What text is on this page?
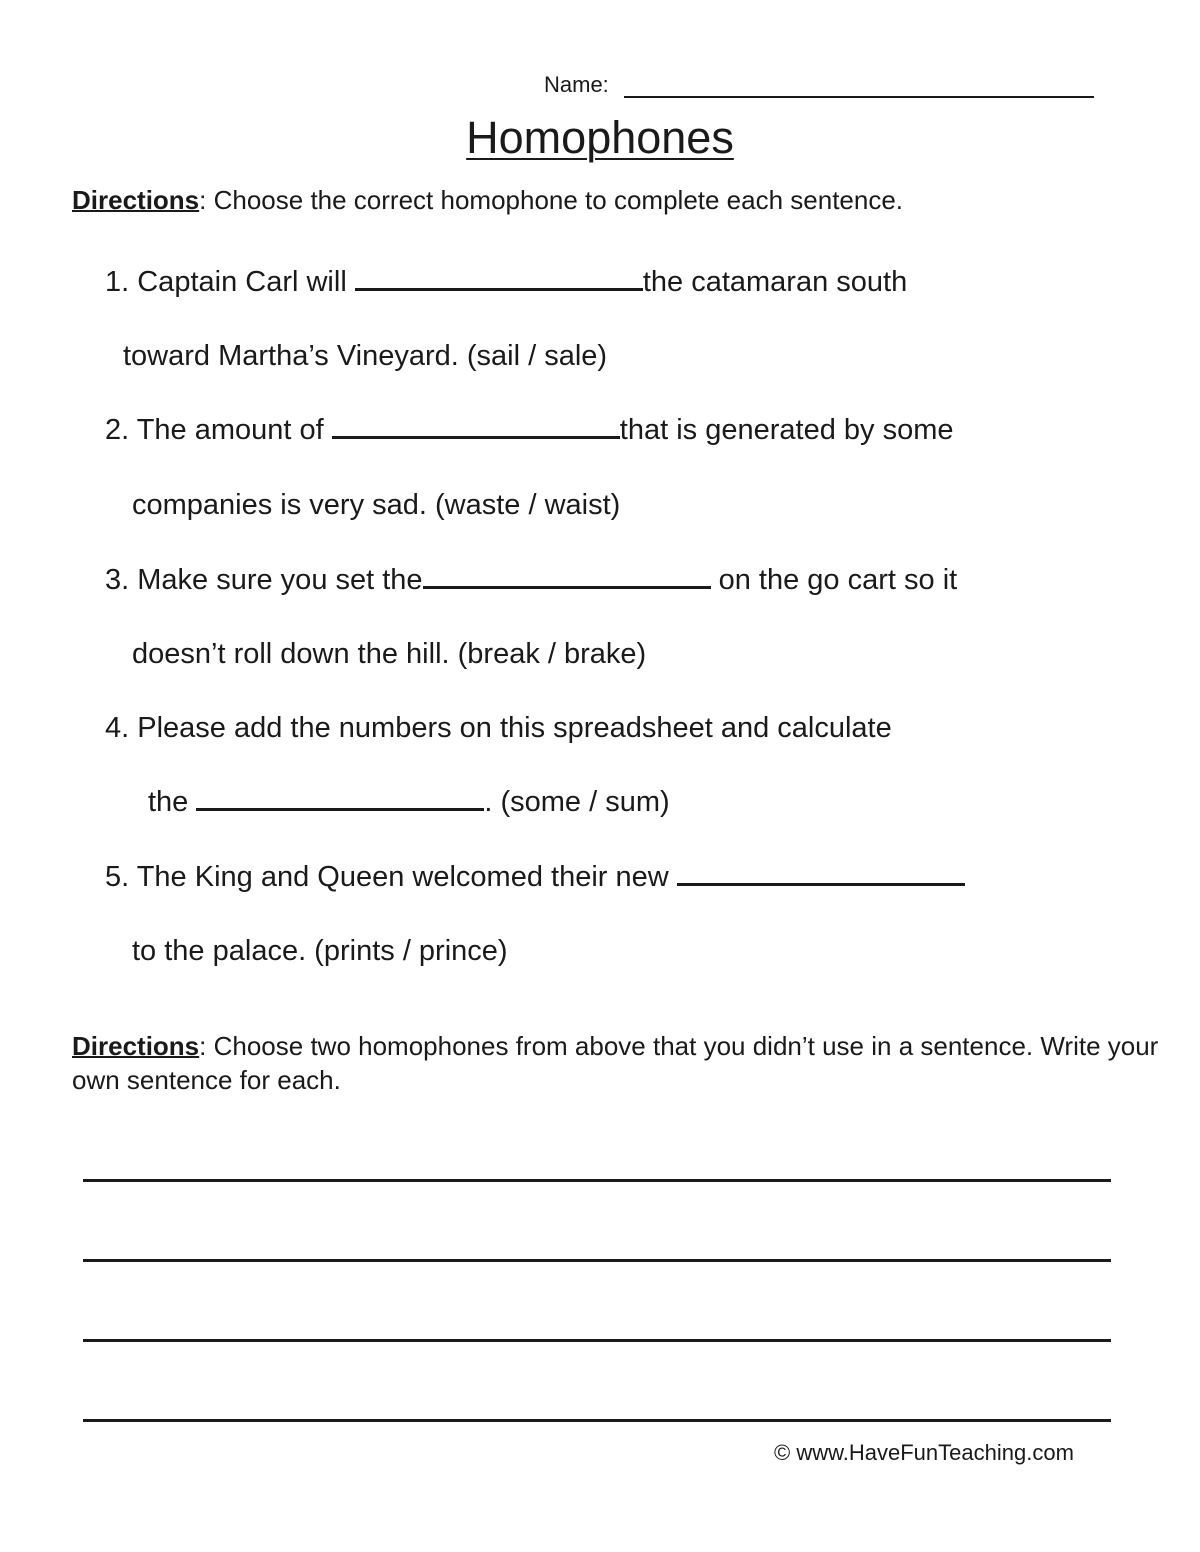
Name:
Homophones
Directions: Choose the correct homophone to complete each sentence.
1. Captain Carl will	the catamaran south
toward Martha’s Vineyard. (sail / sale)
2. The amount of	that is generated by some
companies is very sad. (waste / waist)
3. Make sure you set the	on the go cart so it
doesn’t roll down the hill. (break / brake)
4. Please add the numbers on this spreadsheet and calculate
the	. (some / sum)
5. The King and Queen welcomed their new
to the palace. (prints / prince)
Directions: Choose two homophones from above that you didn’t use in a sentence. Write your own sentence for each.
© www.HaveFunTeaching.com
